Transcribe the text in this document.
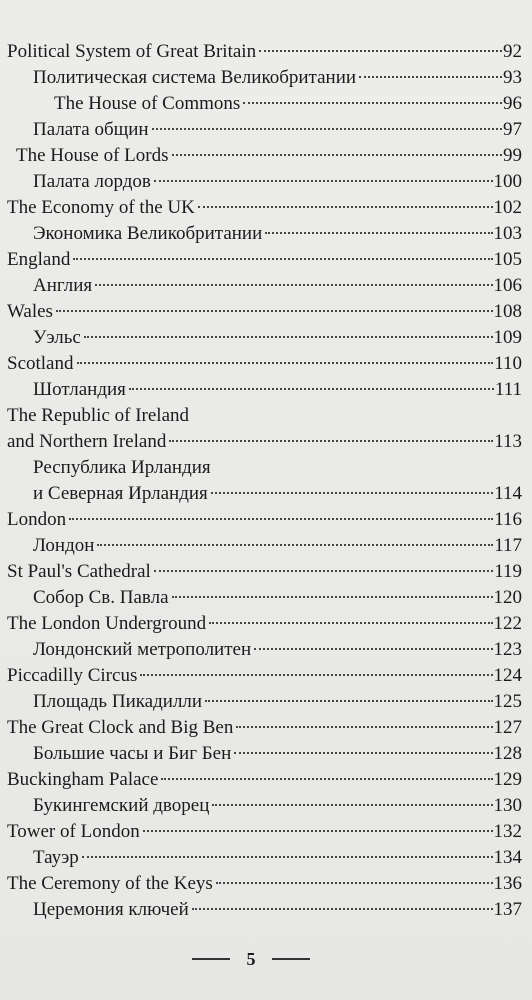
Political System of Great Britain	92
Политическая система Великобритании	93
The House of Commons	96
Палата общин	97
The House of Lords	99
Палата лордов	100
The Economy of the UK	102
Экономика Великобритании	103
England	105
Англия	106
Wales	108
Уэльс	109
Scotland	110
Шотландия	111
The Republic of Ireland
and Northern Ireland	113
Республика Ирландия
и Северная Ирландия	114
London	116
Лондон	117
St Paul's Cathedral	119
Собор Св. Павла	120
The London Underground	122
Лондонский метрополитен	123
Piccadilly Circus	124
Площадь Пикадилли	125
The Great Clock and Big Ben	127
Большие часы и Биг Бен	128
Buckingham Palace	129
Букингемский дворец	130
Tower of London	132
Тауэр	134
The Ceremony of the Keys	136
Церемония ключей	137
5
